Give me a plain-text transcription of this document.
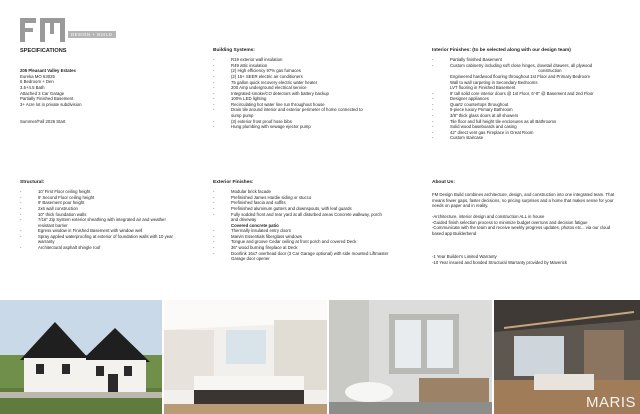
DESIGN + BUILD
SPECIFICATIONS
205 Pleasant Valley Estates
Eureka MO 63025
6 Bedroom + Den
3.5+4.5 Bath
Attached 3 Car Garage
Partially Finished Basement
3+ Acre lot in private subdivision
Summer/Fall 2026 Start
Building Systems:
- R19 exterior wall insulation
- R49 attic insulation
- (2) High efficiency 97% gas furnaces
- (2) 15+ SEER electric air conditioners
- 75 gallon quick recovery electric water heater
- 200 Amp underground electrical service
- Integrated smoke/CO detectors with battery backup
- 100% LED lighting
- Recirculating hot water line run throughout house
- Drain tile around interior and exterior perimeter of home connected to
sump pump
- (3) exterior frost proof hose bibs
- Hung plumbing with sewage ejector pump
Interior Finishes: (to be selected along with our design team)
- Partially finished Basement
- Custom cabinetry including soft close hinges, dovetail drawers, all plywood
construction
Engineered hardwood flooring throughout 1st Floor and Primary Bedroom
Wall to wall carpeting in Secondary Bedrooms
LVT flooring in Finished Basement
- 8' tall solid core interior doors @ 1st Floor, 6'-8" @ Basement and 2nd Floor
- Designer appliances
- Quartz countertops throughout
- 5-piece luxury Primary Bathroom
- 3/8" thick glass doors at all showers
- Tile floor and full height tile enclosures as all Bathrooms
- Solid wood baseboards and casing
- 42" direct vent gas Fireplace in Great Room
- Custom staircase
Structural:
- 10' First Floor ceiling height
- 9' Second Floor ceiling height
- 9' Basement pour height
- 2x6 wall construction
- 10" thick foundation walls
- 7/16" Zip System exterior sheathing with integrated air and weather
resistant barrier
- Egress window in Finished Basement with window well
- Spray applied waterproofing at exterior of foundation walls with 10 year
warranty
- Architectural asphalt shingle roof
Exterior Finishes:
- Modular brick facade
- Prefinished James Hardie siding or stucco
- Prefinished fascia and soffits
- Prefinished aluminum gutters and downspouts, with leaf guards
- Fully sodded front and rear yard at all disturbed areas Concrete walkway, porch
and driveway
Covered concrete patio
- Thermally insulated entry doors
- Marvin Essentials fiberglass windows
- Tongue and groove Cedar ceiling at front porch and covered Deck
- 36" wood burning fireplace at Deck
- Doorlink 16x7 overhead door (3 Car Garage optional) with side mounted Liftmaster
Garage door opener
About Us:
FM Design Build combines architecture, design, and construction into one integrated team. That means fewer gaps, faster decisions, no pricing surprises and a home that makes sense for your needs on paper and in reality.
-Architecture, interior design and construction ALL in house
-Guided finish selection process to minimize budget overruns and decision fatigue
-Communicate with the team and receive weekly progress updates, photos etc... via our cloud based app Builderbend
-1 Year Builder's Limited Warranty
-10 Year insured and bonded Structural Warranty provided by Maverick
MARIS
